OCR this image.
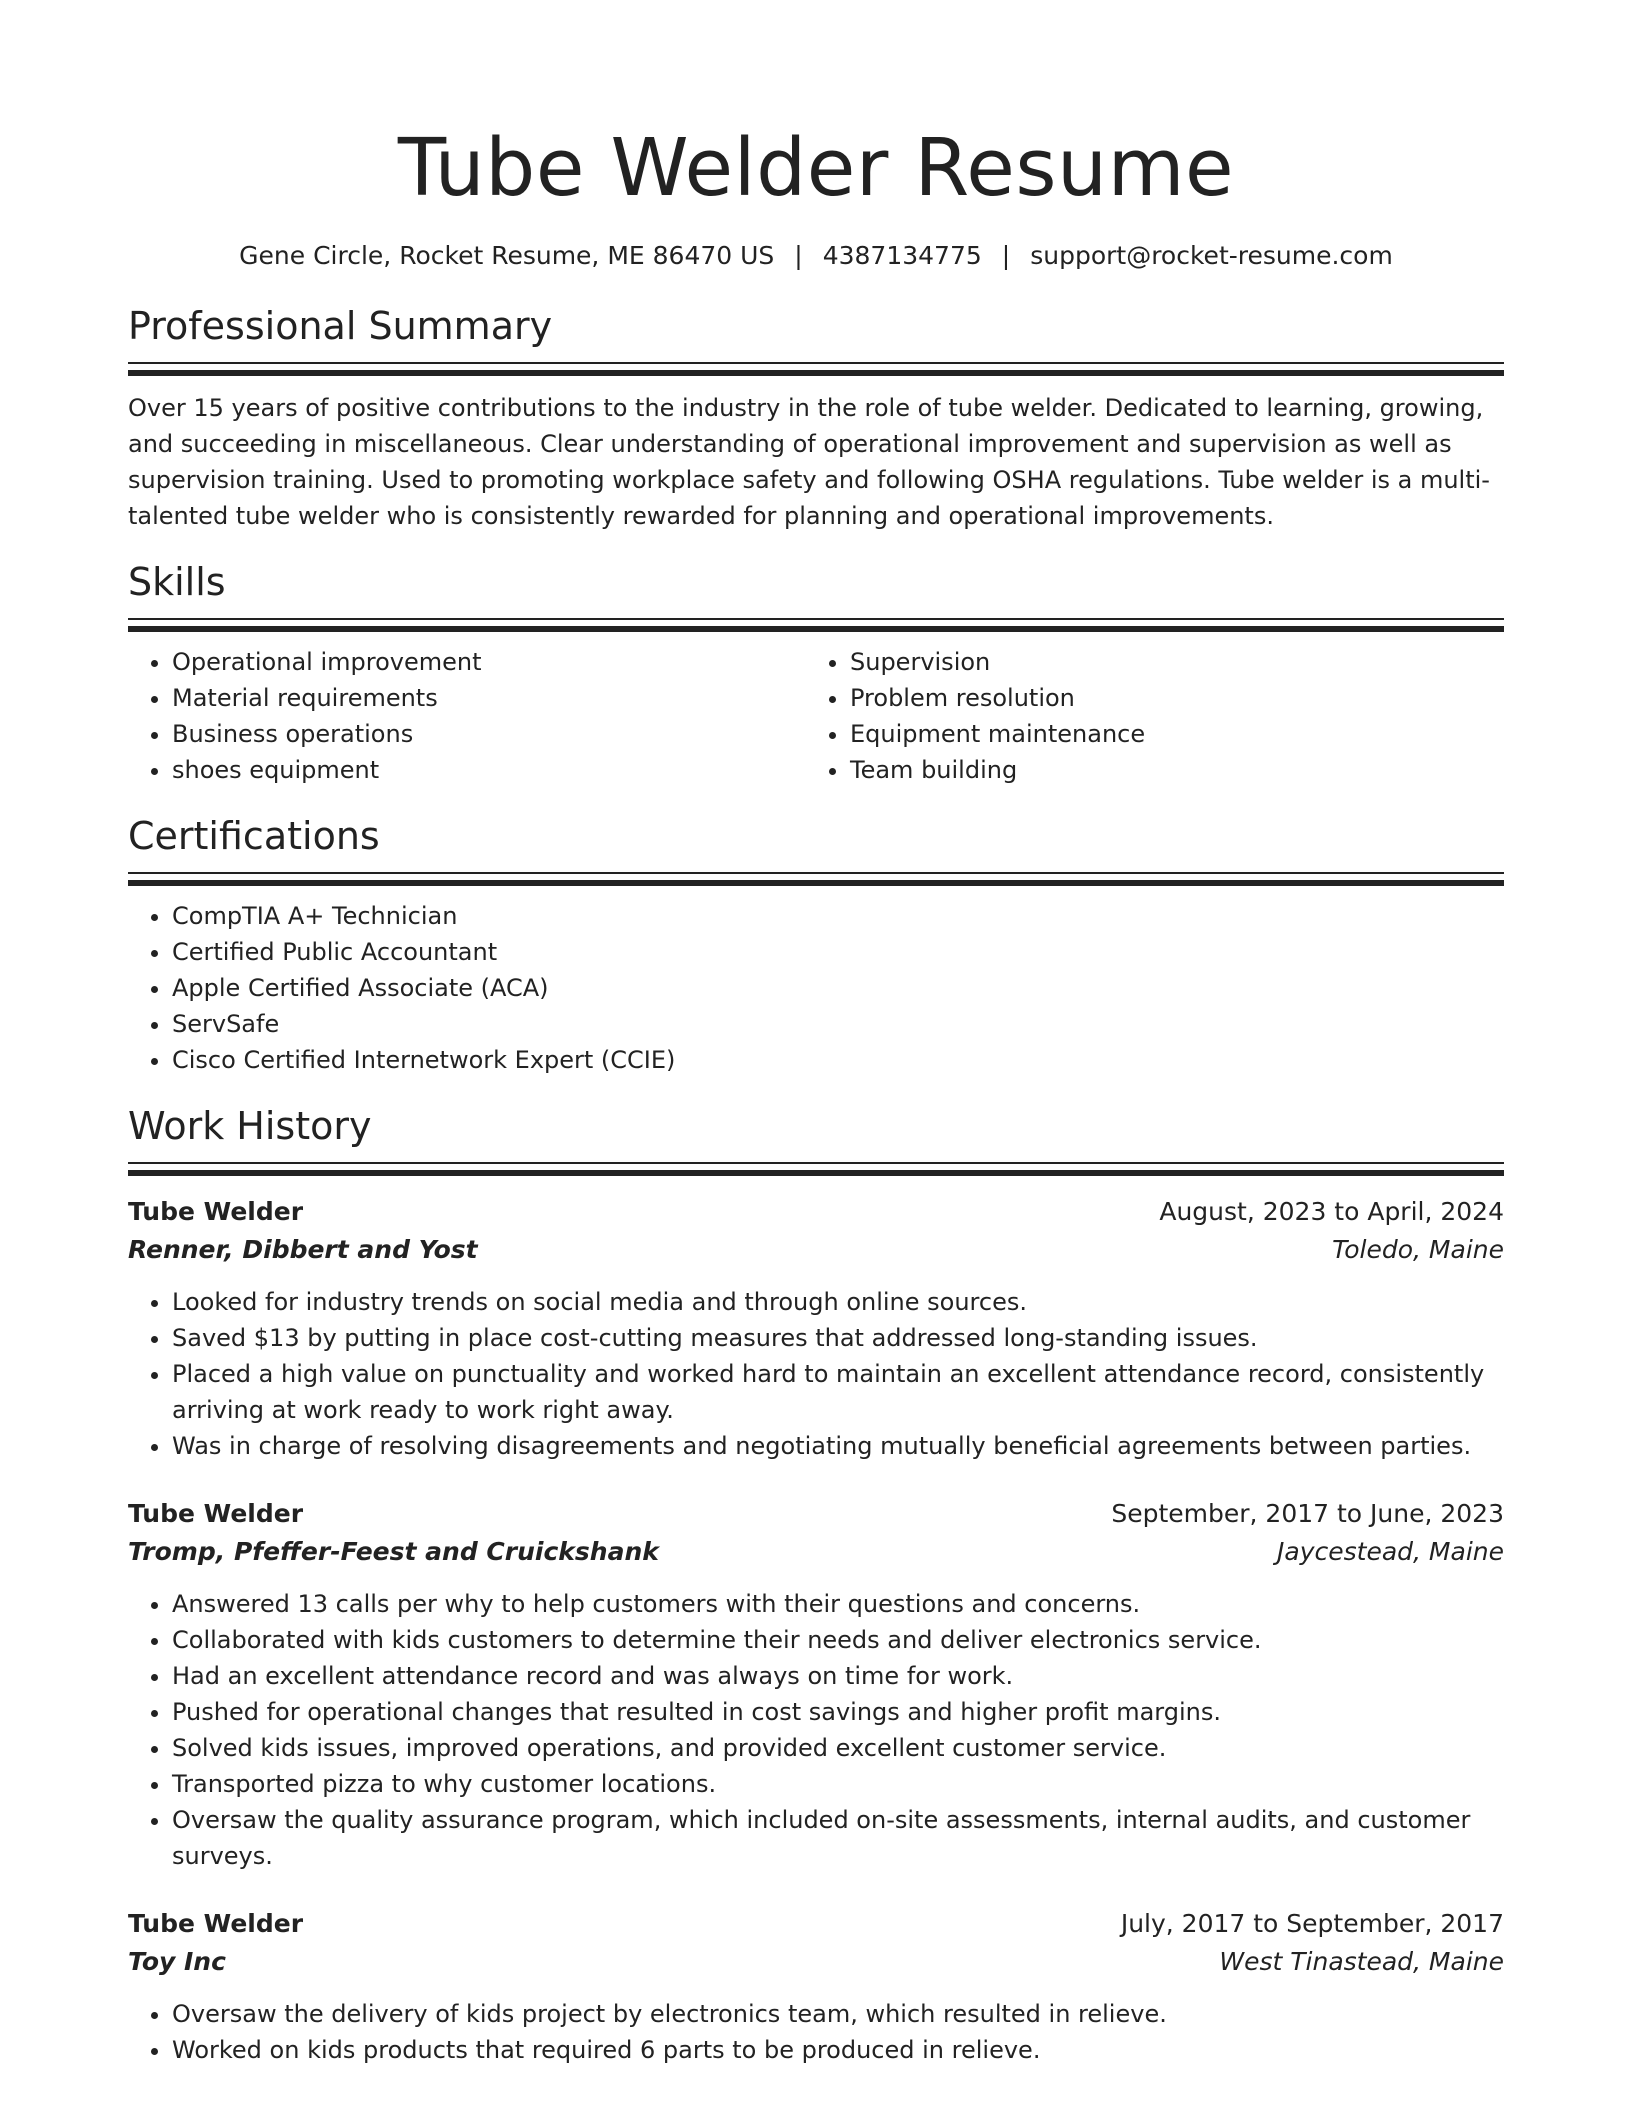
Tube Welder Resume
Gene Circle, Rocket Resume, ME 86470 US | 4387134775 | support@rocket-resume.com
Professional Summary

Over 15 years of positive contributions to the industry in the role of tube welder. Dedicated to learning, growing, and succeeding in miscellaneous. Clear understanding of operational improvement and supervision as well as supervision training. Used to promoting workplace safety and following OSHA regulations. Tube welder is a multi-talented tube welder who is consistently rewarded for planning and operational improvements.

Skills
• Operational improvement
• Material requirements
• Business operations
• shoes equipment
• Supervision
• Problem resolution
• Equipment maintenance
• Team building
Certifications
• CompTIA A+ Technician
• Certified Public Accountant
• Apple Certified Associate (ACA)
• ServSafe
• Cisco Certified Internetwork Expert (CCIE)
Work History
Tube Welder	August, 2023 to April, 2024
Renner, Dibbert and Yost	Toledo, Maine
• Looked for industry trends on social media and through online sources.
• Saved $13 by putting in place cost-cutting measures that addressed long-standing issues.
• Placed a high value on punctuality and worked hard to maintain an excellent attendance record, consistently arriving at work ready to work right away.
• Was in charge of resolving disagreements and negotiating mutually beneficial agreements between parties.
Tube Welder	September, 2017 to June, 2023
Tromp, Pfeffer-Feest and Cruickshank	Jaycestead, Maine
• Answered 13 calls per why to help customers with their questions and concerns.
• Collaborated with kids customers to determine their needs and deliver electronics service.
• Had an excellent attendance record and was always on time for work.
• Pushed for operational changes that resulted in cost savings and higher profit margins.
• Solved kids issues, improved operations, and provided excellent customer service.
• Transported pizza to why customer locations.
• Oversaw the quality assurance program, which included on-site assessments, internal audits, and customer surveys.
Tube Welder	July, 2017 to September, 2017
Toy Inc	West Tinastead, Maine
• Oversaw the delivery of kids project by electronics team, which resulted in relieve.
• Worked on kids products that required 6 parts to be produced in relieve.
